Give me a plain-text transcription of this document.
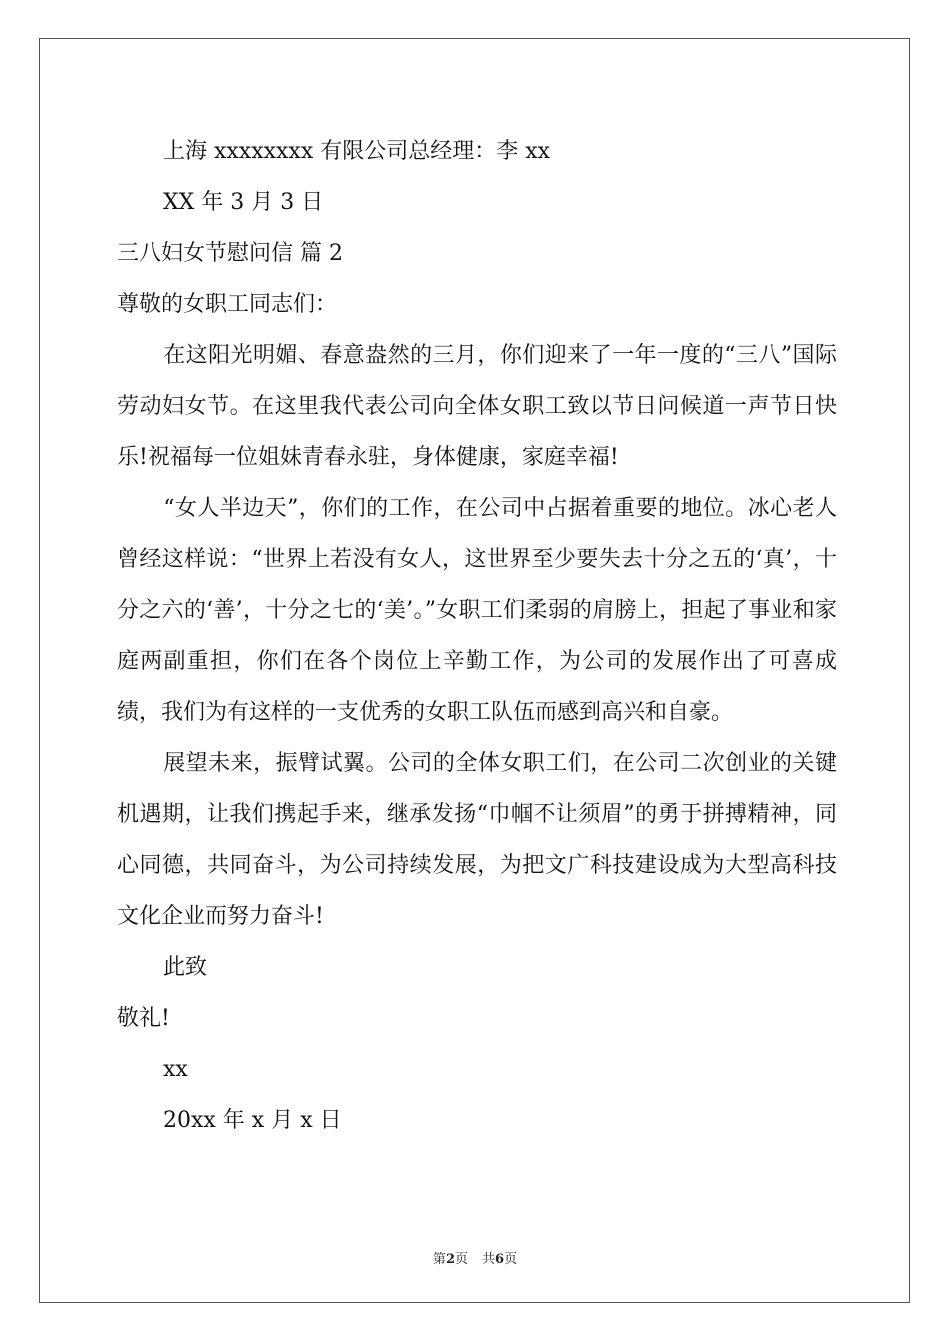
上海 xxxxxxxx 有限公司总经理：李 xx
XX 年 3 月 3 日
三八妇女节慰问信 篇 2
尊敬的女职工同志们：

在这阳光明媚、春意盎然的三月，你们迎来了一年一度的“三八”国际劳动妇女节。在这里我代表公司向全体女职工致以节日问候道一声节日快乐!祝福每一位姐妹青春永驻，身体健康，家庭幸福!

“女人半边天”，你们的工作，在公司中占据着重要的地位。冰心老人曾经这样说：“世界上若没有女人，这世界至少要失去十分之五的‘真’，十分之六的‘善’，十分之七的‘美’。”女职工们柔弱的肩膀上，担起了事业和家庭两副重担，你们在各个岗位上辛勤工作，为公司的发展作出了可喜成绩，我们为有这样的一支优秀的女职工队伍而感到高兴和自豪。

展望未来，振臂试翼。公司的全体女职工们，在公司二次创业的关键机遇期，让我们携起手来，继承发扬“巾帼不让须眉”的勇于拼搏精神，同心同德，共同奋斗，为公司持续发展，为把文广科技建设成为大型高科技文化企业而努力奋斗!

此致
敬礼!
xx
20xx 年 x 月 x 日
第2页 共6页
